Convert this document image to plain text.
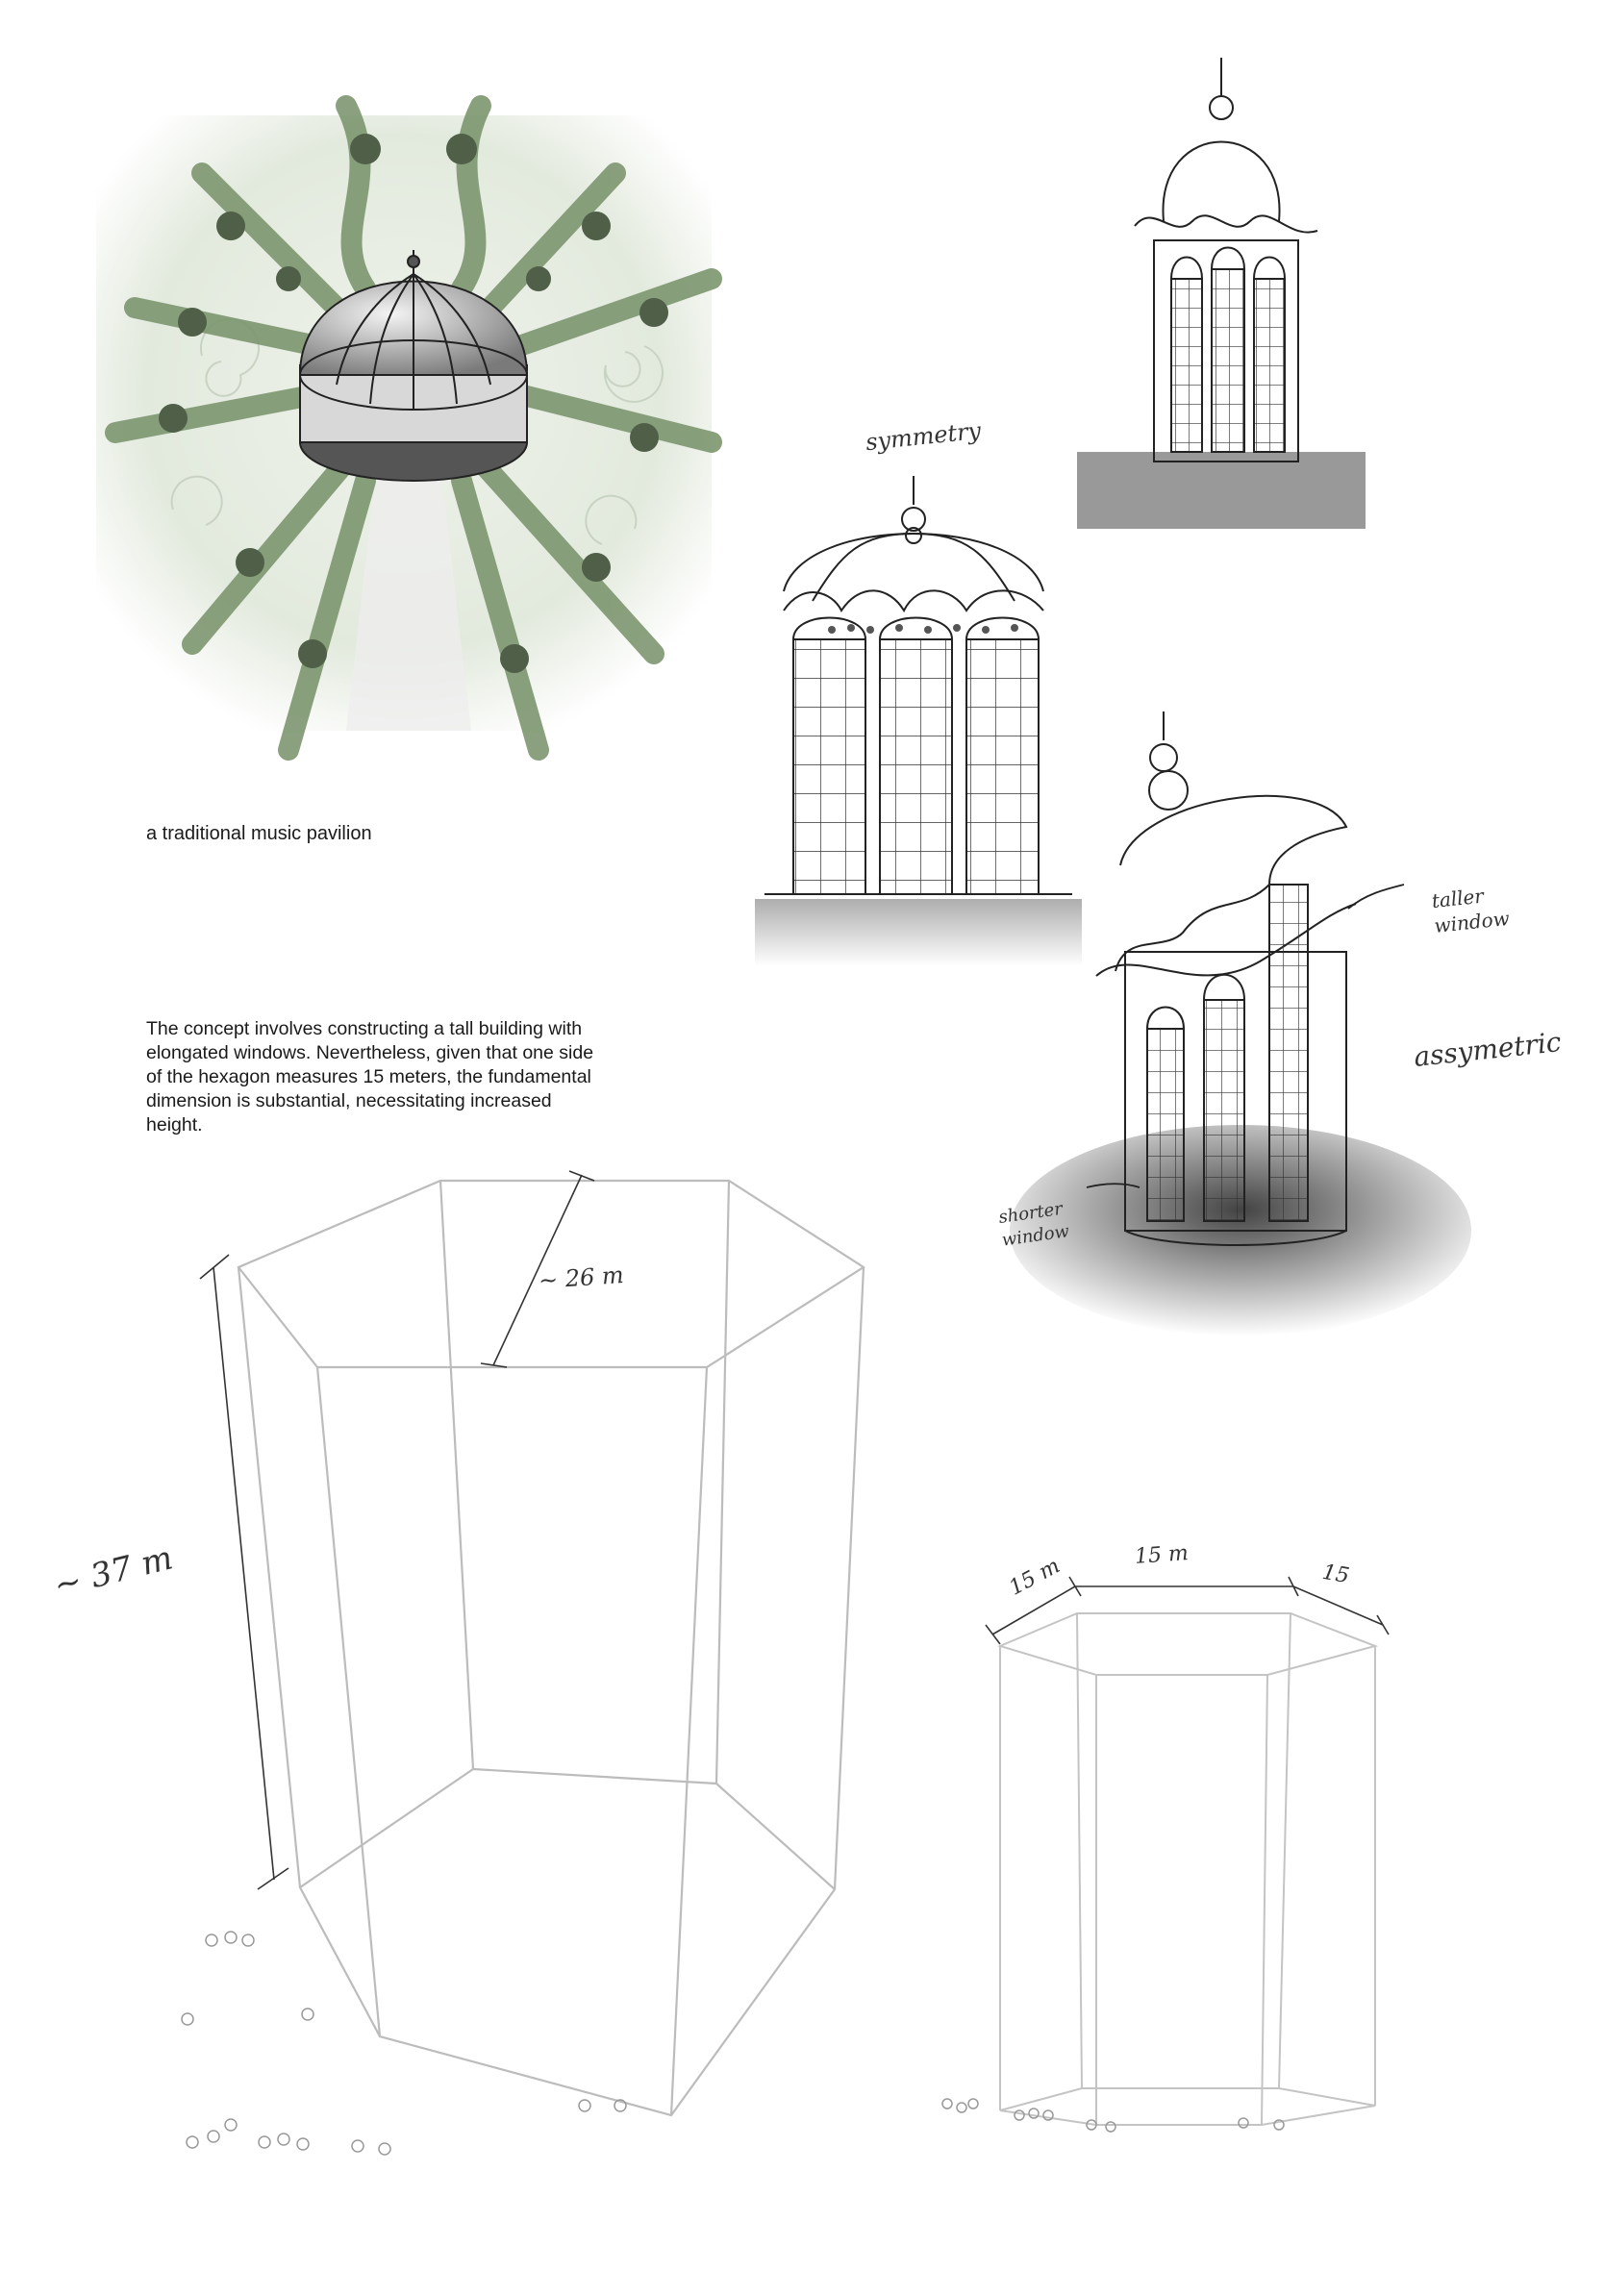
a traditional music pavilion
symmetry
taller
window
assymetric
shorter
window
The concept involves constructing a tall building with
elongated windows. Nevertheless, given that one side
of the hexagon measures 15 meters, the fundamental
dimension is substantial, necessitating increased
height.
~ 37 m
~ 26 m
15 m	15 m
15
